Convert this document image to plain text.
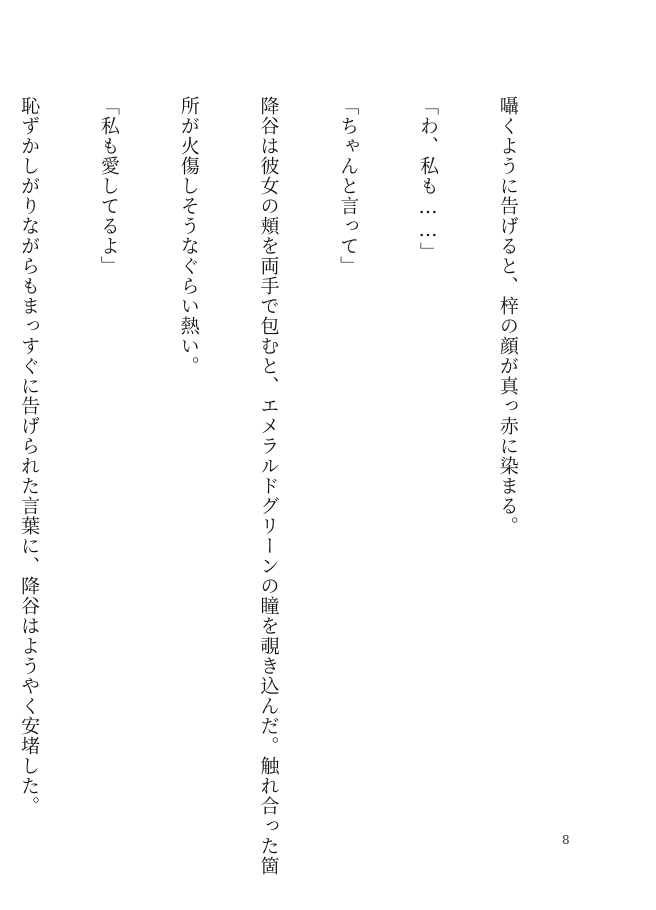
囁くように告げると、梓の顔が真っ赤に染まる。

「わ、私も……」

「ちゃんと言って」

降谷は彼女の頬を両手で包むと、エメラルドグリーンの瞳を覗き込んだ。触れ合った箇

所が火傷しそうなぐらい熱い。

「私も愛してるよ」

恥ずかしがりながらもまっすぐに告げられた言葉に、降谷はようやく安堵した。

8
